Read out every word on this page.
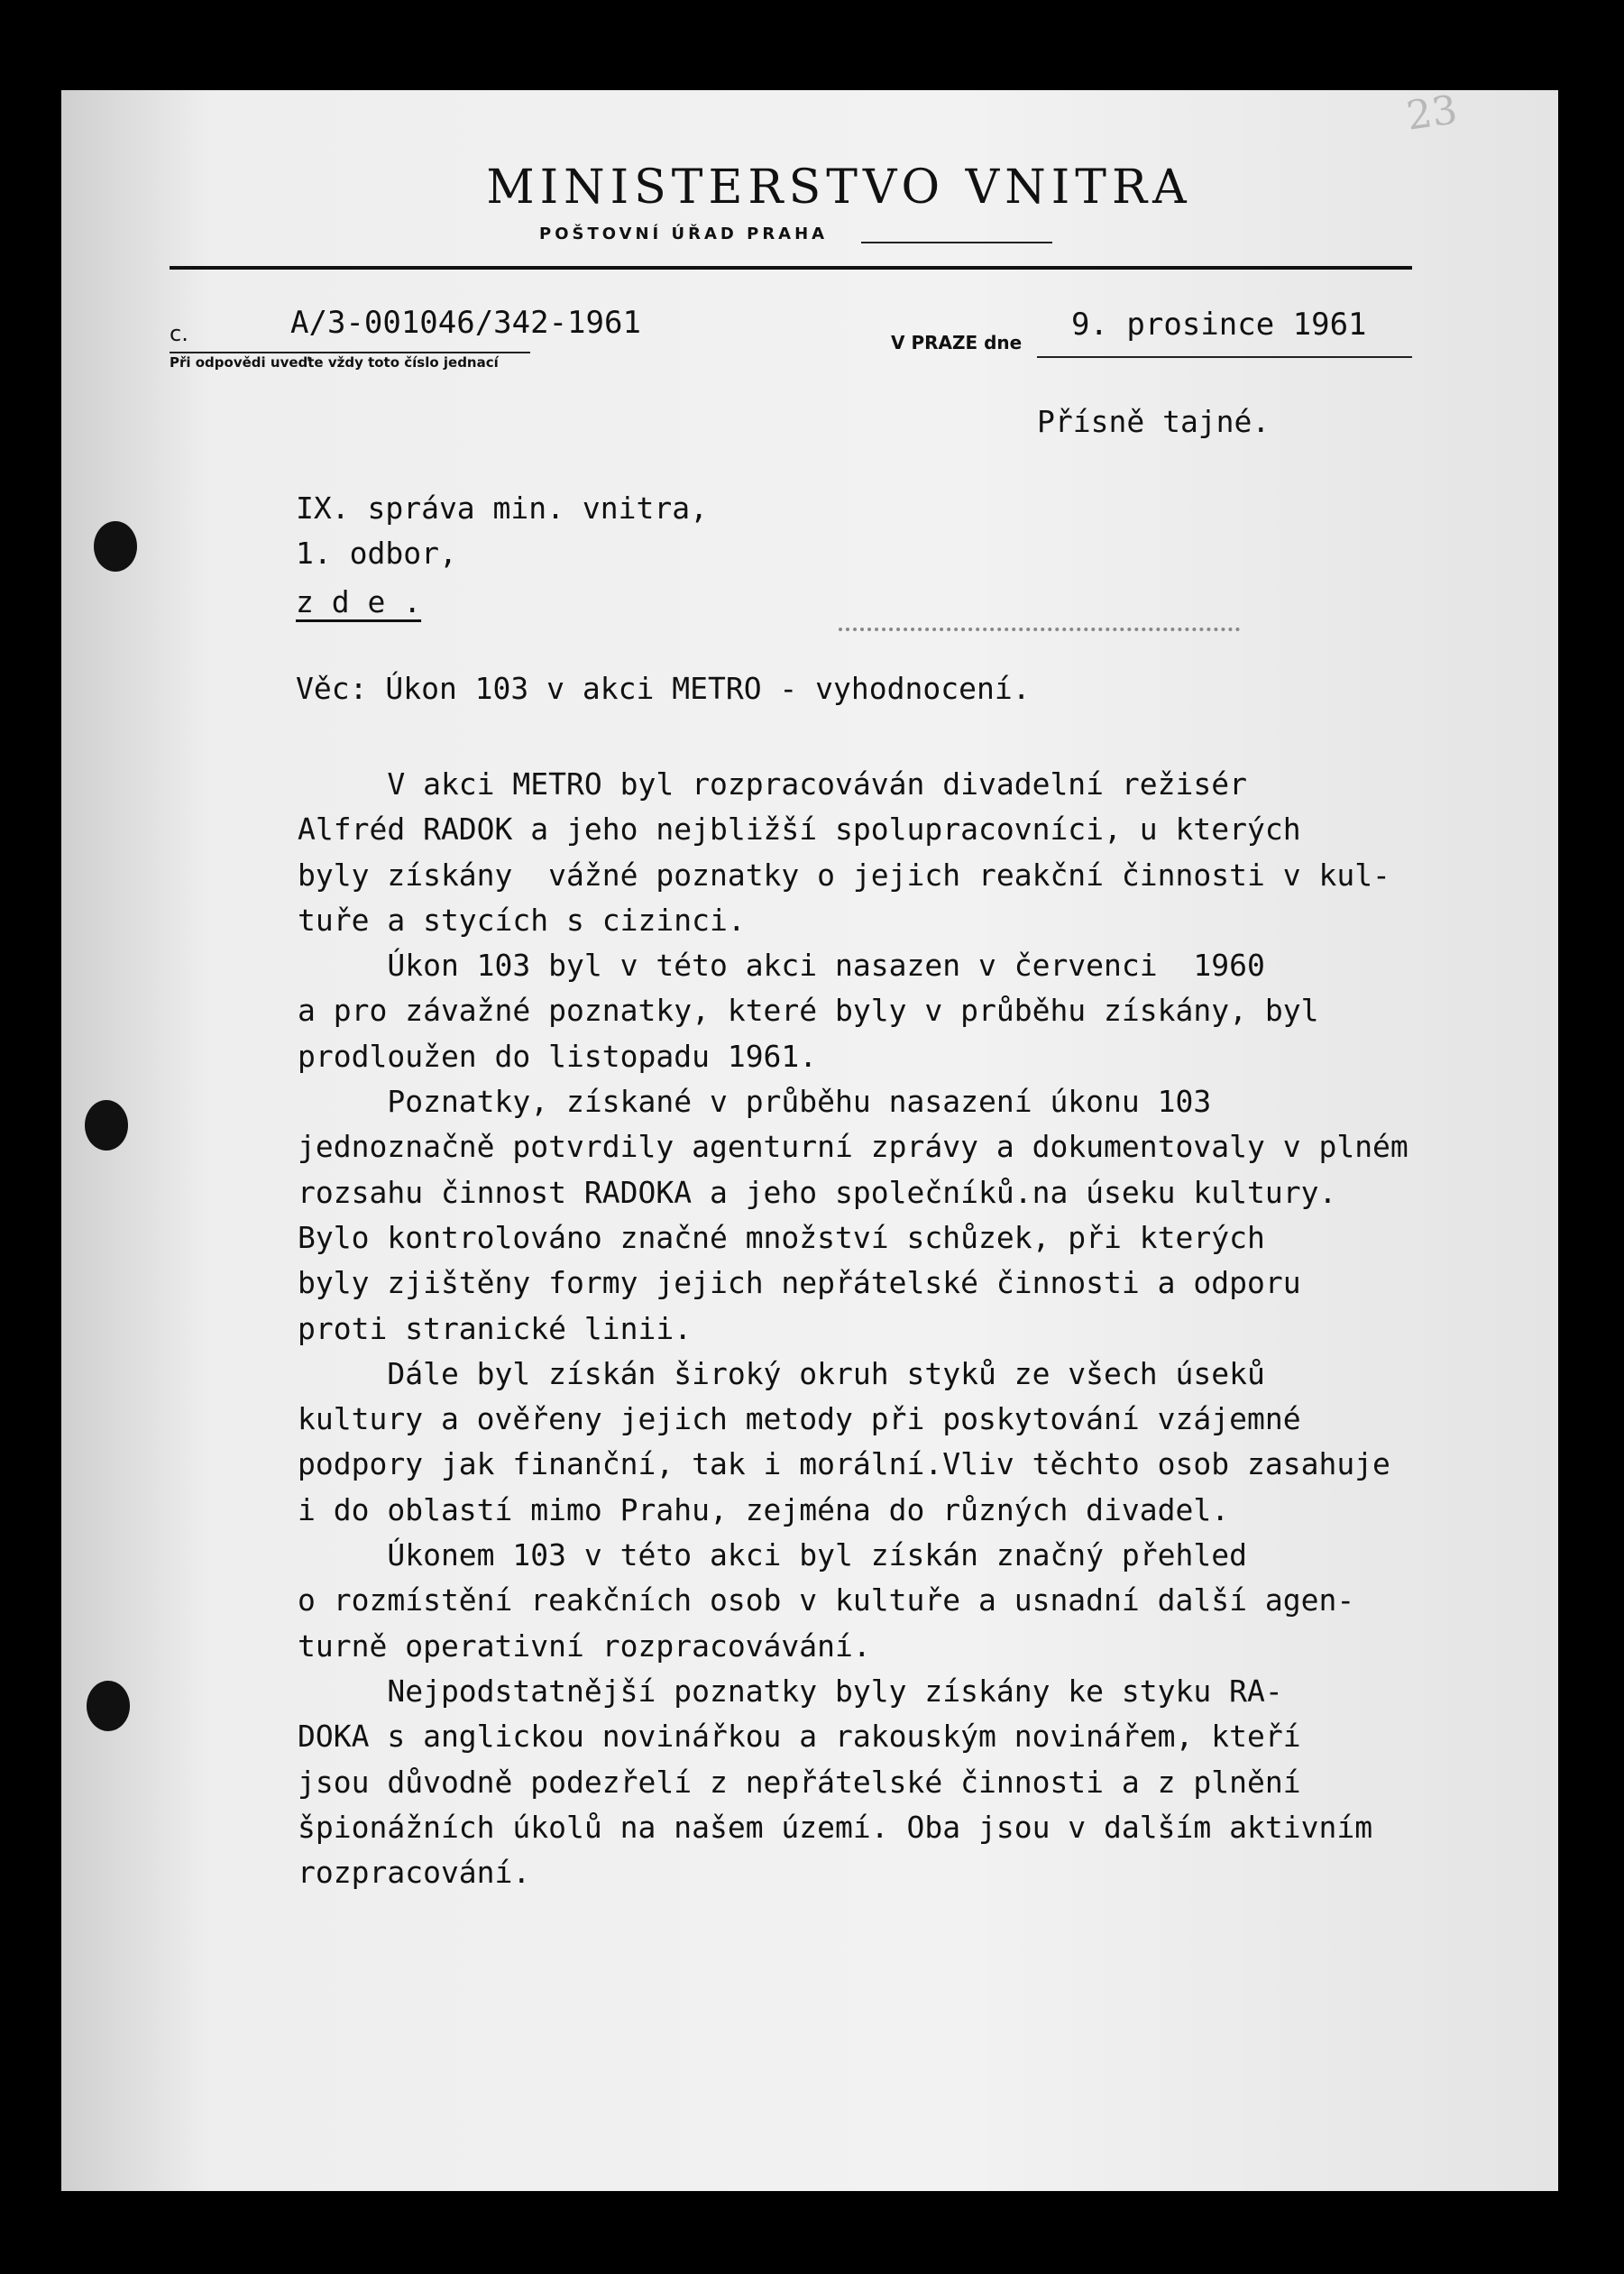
23
MINISTERSTVO VNITRA
POŠTOVNÍ ÚŘAD PRAHA
c.	A/3-001046/342-1961
Při odpovědi uveďte vždy toto číslo jednací
V PRAZE dne 9. prosince 1961
Přísně tajné.
IX. správa min. vnitra,
1. odbor,
z d e .
Věc: Úkon 103 v akci METRO - vyhodnocení.
V akci METRO byl rozpracováván divadelní režisér
Alfréd RADOK a jeho nejbližší spolupracovníci, u kterých
byly získány  vážné poznatky o jejich reakční činnosti v kul-
tuře a stycích s cizinci.
Úkon 103 byl v této akci nasazen v červenci  1960
a pro závažné poznatky, které byly v průběhu získány, byl
prodloužen do listopadu 1961.
Poznatky, získané v průběhu nasazení úkonu 103
jednoznačně potvrdily agenturní zprávy a dokumentovaly v plném
rozsahu činnost RADOKA a jeho společníků.na úseku kultury.
Bylo kontrolováno značné množství schůzek, při kterých
byly zjištěny formy jejich nepřátelské činnosti a odporu
proti stranické linii.
Dále byl získán široký okruh styků ze všech úseků
kultury a ověřeny jejich metody při poskytování vzájemné
podpory jak finanční, tak i morální.Vliv těchto osob zasahuje
i do oblastí mimo Prahu, zejména do různých divadel.
Úkonem 103 v této akci byl získán značný přehled
o rozmístění reakčních osob v kultuře a usnadní další agen-
turně operativní rozpracovávání.
Nejpodstatnější poznatky byly získány ke styku RA-
DOKA s anglickou novinářkou a rakouským novinářem, kteří
jsou důvodně podezřelí z nepřátelské činnosti a z plnění
špionážních úkolů na našem území. Oba jsou v dalším aktivním
rozpracování.
